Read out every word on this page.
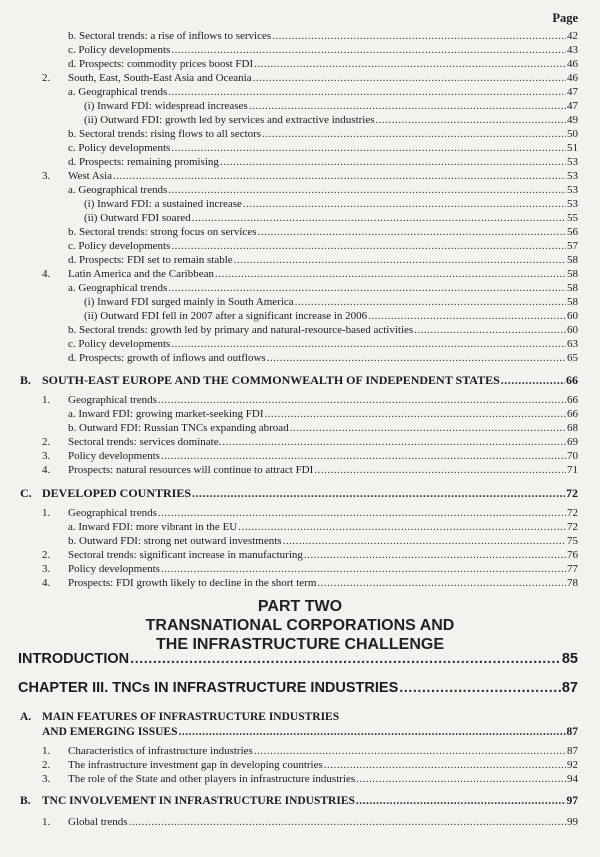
Page
b. Sectoral trends: a rise of inflows to services .....	42
c. Policy developments .....	43
d. Prospects: commodity prices boost FDI .....	46
2.	South, East, South-East Asia and Oceania .....	46
a. Geographical trends .....	47
(i) Inward FDI: widespread increases .....	47
(ii) Outward FDI: growth led by services and extractive industries .....	49
b. Sectoral trends: rising flows to all sectors .....	50
c. Policy developments .....	51
d. Prospects: remaining promising .....	53
3.	West Asia .....	53
a. Geographical trends .....	53
(i) Inward FDI: a sustained increase .....	53
(ii) Outward FDI soared .....	55
b. Sectoral trends: strong focus on services .....	56
c. Policy developments .....	57
d. Prospects: FDI set to remain stable .....	58
4.	Latin America and the Caribbean .....	58
a. Geographical trends .....	58
(i) Inward FDI surged mainly in South America .....	58
(ii) Outward FDI fell in 2007 after a significant increase in 2006 .....	60
b. Sectoral trends: growth led by primary and natural-resource-based activities .....	60
c. Policy developments .....	63
d. Prospects: growth of inflows and outflows .....	65
B. SOUTH-EAST EUROPE AND THE COMMONWEALTH OF INDEPENDENT STATES .....	66
1.	Geographical trends .....	66
a. Inward FDI: growing market-seeking FDI .....	66
b. Outward FDI: Russian TNCs expanding abroad .....	68
2.	Sectoral trends: services dominate. .....	69
3.	Policy developments .....	70
4.	Prospects: natural resources will continue to attract FDI .....	71
C. DEVELOPED COUNTRIES .....	72
1.	Geographical trends .....	72
a. Inward FDI: more vibrant in the EU .....	72
b. Outward FDI: strong net outward investments .....	75
2.	Sectoral trends: significant increase in manufacturing .....	76
3.	Policy developments .....	77
4.	Prospects: FDI growth likely to decline in the short term .....	78
PART TWO
TRANSNATIONAL CORPORATIONS AND
THE INFRASTRUCTURE CHALLENGE
INTRODUCTION .....	85
CHAPTER III. TNCs IN INFRASTRUCTURE INDUSTRIES .....	87
A. MAIN FEATURES OF INFRASTRUCTURE INDUSTRIES
AND EMERGING ISSUES .....	87
1.	Characteristics of infrastructure industries .....	87
2.	The infrastructure investment gap in developing countries .....	92
3.	The role of the State and other players in infrastructure industries .....	94
B. TNC INVOLVEMENT IN INFRASTRUCTURE INDUSTRIES .....	97
1.	Global trends .....	99
